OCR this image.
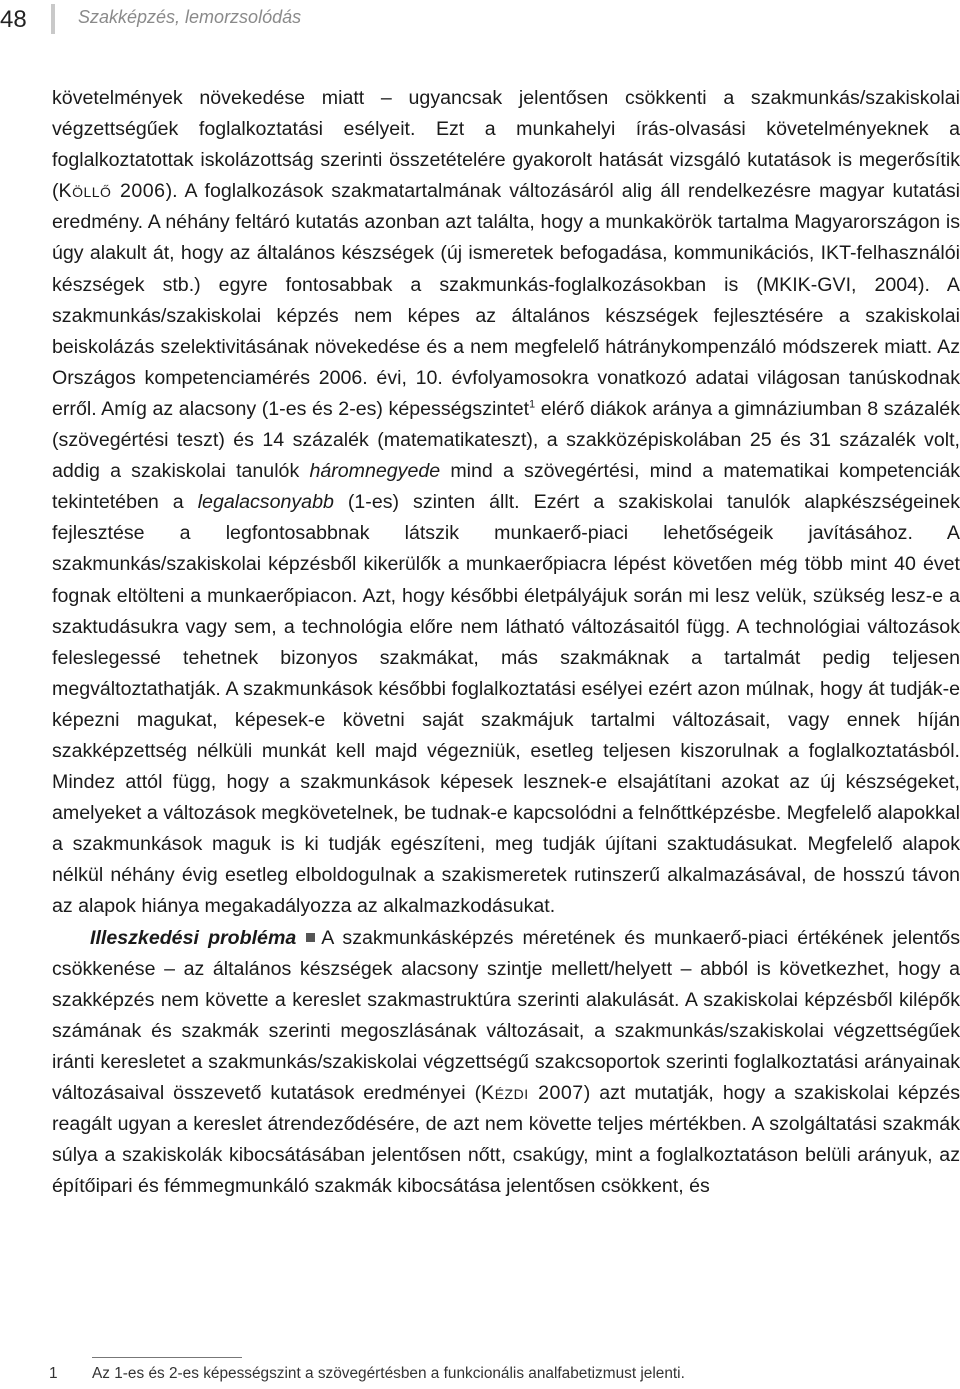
48	Szakképzés, lemorzsolódás

követelmények növekedése miatt – ugyancsak jelentősen csökkenti a szakmunkás/szakiskolai végzettségűek foglalkoztatási esélyeit. Ezt a munkahelyi írás-olvasási követelményeknek a foglalkoztatottak iskolázottság szerinti összetételére gyakorolt hatását vizsgáló kutatások is megerősítik (Köllő 2006). A foglalkozások szakmatartalmának változásáról alig áll rendelkezésre magyar kutatási eredmény. A néhány feltáró kutatás azonban azt találta, hogy a munkakörök tartalma Magyarországon is úgy alakult át, hogy az általános készségek (új ismeretek befogadása, kommunikációs, IKT-felhasználói készségek stb.) egyre fontosabbak a szakmunkás-foglalkozásokban is (MKIK-GVI, 2004). A szakmunkás/szakiskolai képzés nem képes az általános készségek fejlesztésére a szakiskolai beiskolázás szelektivitásának növekedése és a nem megfelelő hátránykompenzáló módszerek miatt. Az Országos kompetenciamérés 2006. évi, 10. évfolyamosokra vonatkozó adatai világosan tanúskodnak erről. Amíg az alacsony (1-es és 2-es) képességszintet$^1$ elérő diákok aránya a gimnáziumban 8 százalék (szövegértési teszt) és 14 százalék (matematikateszt), a szakközépiskolában 25 és 31 százalék volt, addig a szakiskolai tanulók háromnegyede mind a szövegértési, mind a matematikai kompetenciák tekintetében a legalacsonyabb (1-es) szinten állt. Ezért a szakiskolai tanulók alapkészségeinek fejlesztése a legfontosabbnak látszik munkaerő-piaci lehetőségeik javításához. A szakmunkás/szakiskolai képzésből kikerülők a munkaerőpiacra lépést követően még több mint 40 évet fognak eltölteni a munkaerőpiacon. Azt, hogy későbbi életpályájuk során mi lesz velük, szükség lesz-e a szaktudásukra vagy sem, a technológia előre nem látható változásaitól függ. A technológiai változások feleslegessé tehetnek bizonyos szakmákat, más szakmáknak a tartalmát pedig teljesen megváltoztathatják. A szakmunkások későbbi foglalkoztatási esélyei ezért azon múlnak, hogy át tudják-e képezni magukat, képesek-e követni saját szakmájuk tartalmi változásait, vagy ennek híján szakképzettség nélküli munkát kell majd végezniük, esetleg teljesen kiszorulnak a foglalkoztatásból. Mindez attól függ, hogy a szakmunkások képesek lesznek-e elsajátítani azokat az új készségeket, amelyeket a változások megkövetelnek, be tudnak-e kapcsolódni a felnőttképzésbe. Megfelelő alapokkal a szakmunkások maguk is ki tudják egészíteni, meg tudják újítani szaktudásukat. Megfelelő alapok nélkül néhány évig esetleg elboldogulnak a szakismeretek rutinszerű alkalmazásával, de hosszú távon az alapok hiánya megakadályozza az alkalmazkodásukat.

Illeszkedési probléma A szakmunkásképzés méretének és munkaerő-piaci értékének jelentős csökkenése – az általános készségek alacsony szintje mellett/helyett – abból is következhet, hogy a szakképzés nem követte a kereslet szakmastruktúra szerinti alakulását. A szakiskolai képzésből kilépők számának és szakmák szerinti megoszlásának változásait, a szakmunkás/szakiskolai végzettségűek iránti keresletet a szakmunkás/szakiskolai végzettségű szakcsoportok szerinti foglalkoztatási arányainak változásaival összevető kutatások eredményei (Kézdi 2007) azt mutatják, hogy a szakiskolai képzés reagált ugyan a kereslet átrendeződésére, de azt nem követte teljes mértékben. A szolgáltatási szakmák súlya a szakiskolák kibocsátásában jelentősen nőtt, csakúgy, mint a foglalkoztatáson belüli arányuk, az építőipari és fémmegmunkáló szakmák kibocsátása jelentősen csökkent, és

1 Az 1-es és 2-es képességszint a szövegértésben a funkcionális analfabetizmust jelenti.
